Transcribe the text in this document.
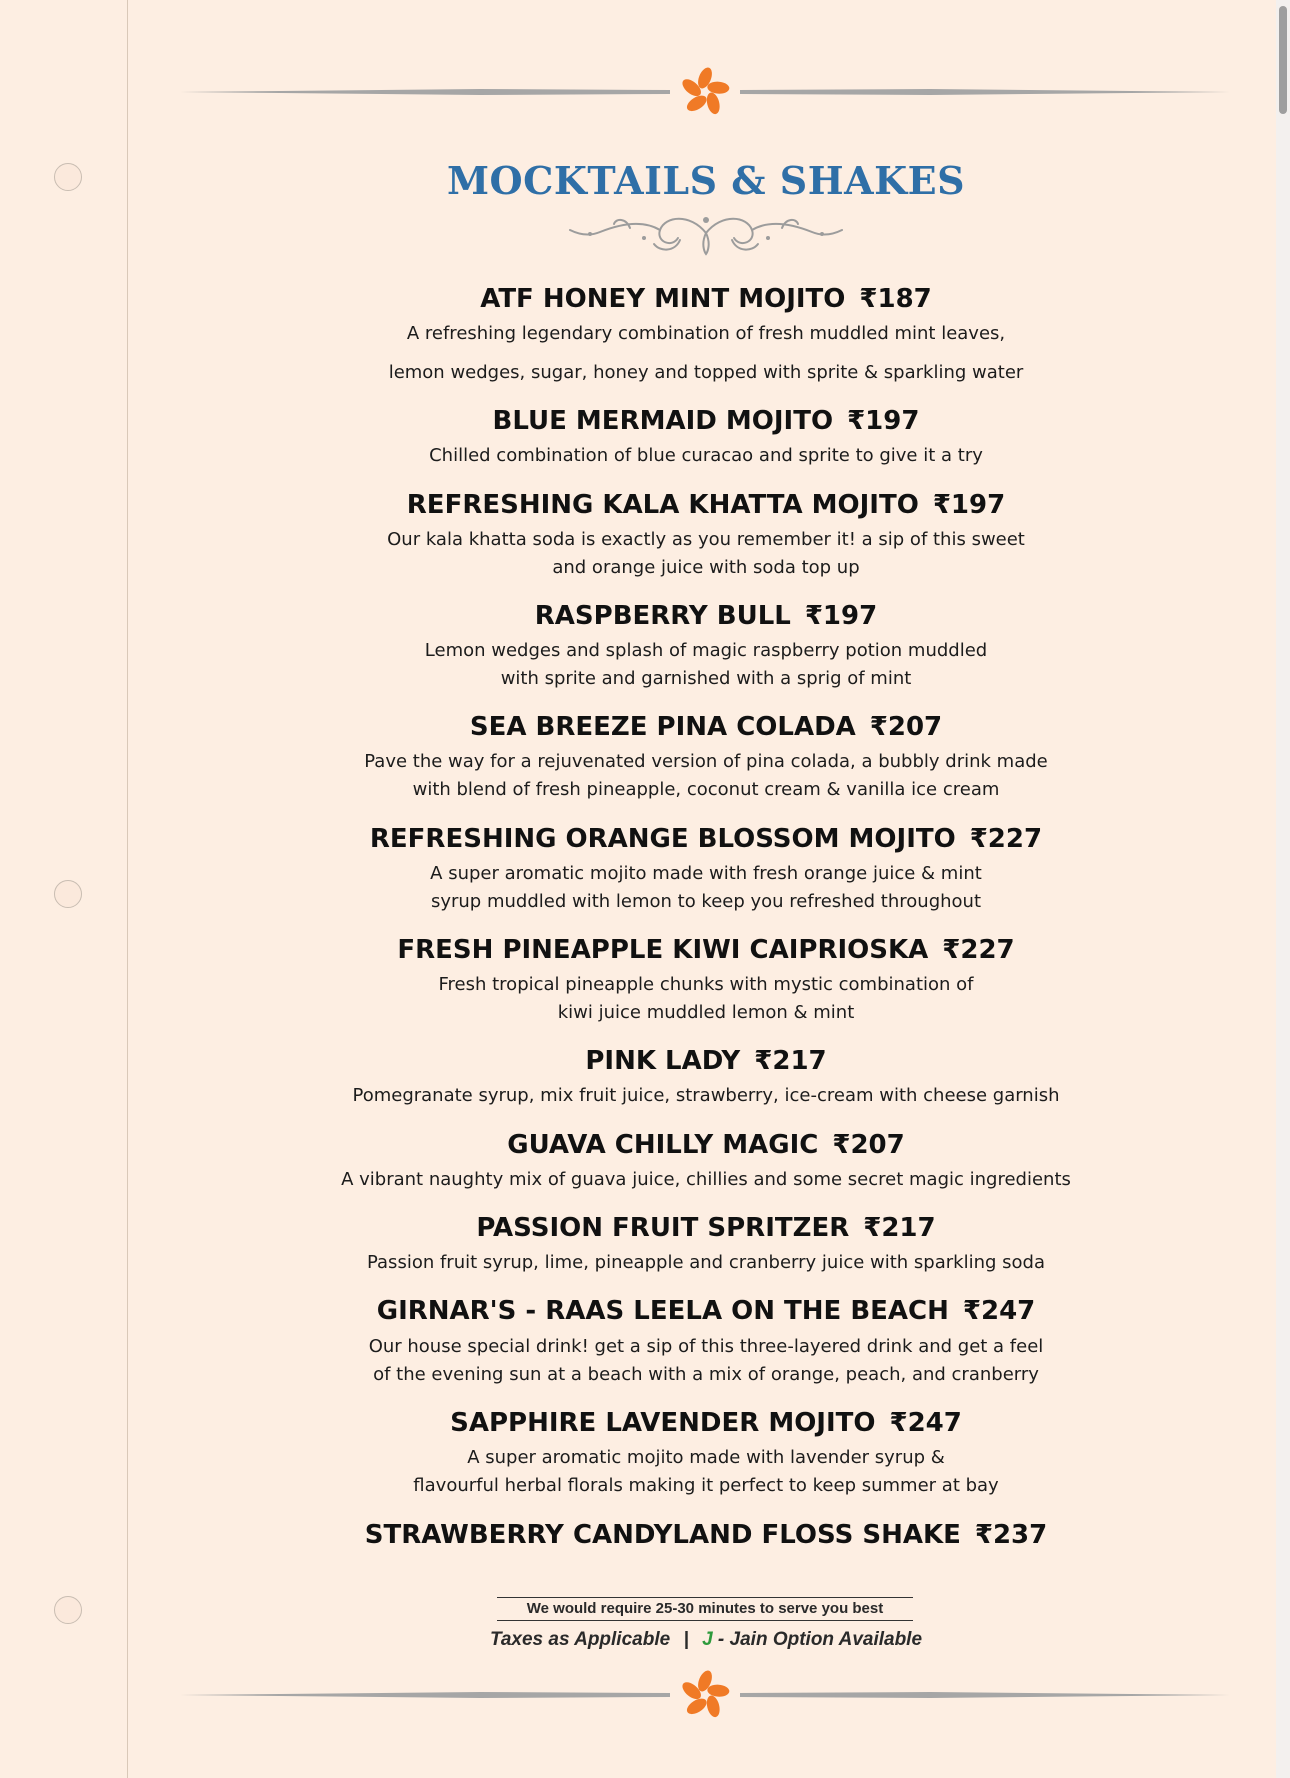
MOCKTAILS & SHAKES
ATF HONEY MINT MOJITO ₹187
A refreshing legendary combination of fresh muddled mint leaves,
lemon wedges, sugar, honey and topped with sprite & sparkling water
BLUE MERMAID MOJITO ₹197
Chilled combination of blue curacao and sprite to give it a try
REFRESHING KALA KHATTA MOJITO ₹197
Our kala khatta soda is exactly as you remember it! a sip of this sweet
and orange juice with soda top up
RASPBERRY BULL ₹197
Lemon wedges and splash of magic raspberry potion muddled
with sprite and garnished with a sprig of mint
SEA BREEZE PINA COLADA ₹207
Pave the way for a rejuvenated version of pina colada, a bubbly drink made
with blend of fresh pineapple, coconut cream & vanilla ice cream
REFRESHING ORANGE BLOSSOM MOJITO ₹227
A super aromatic mojito made with fresh orange juice & mint
syrup muddled with lemon to keep you refreshed throughout
FRESH PINEAPPLE KIWI CAIPRIOSKA ₹227
Fresh tropical pineapple chunks with mystic combination of
kiwi juice muddled lemon & mint
PINK LADY ₹217
Pomegranate syrup, mix fruit juice, strawberry, ice-cream with cheese garnish
GUAVA CHILLY MAGIC ₹207
A vibrant naughty mix of guava juice, chillies and some secret magic ingredients
PASSION FRUIT SPRITZER ₹217
Passion fruit syrup, lime, pineapple and cranberry juice with sparkling soda
GIRNAR'S - RAAS LEELA ON THE BEACH ₹247
Our house special drink! get a sip of this three-layered drink and get a feel
of the evening sun at a beach with a mix of orange, peach, and cranberry
SAPPHIRE LAVENDER MOJITO ₹247
A super aromatic mojito made with lavender syrup &
flavourful herbal florals making it perfect to keep summer at bay
STRAWBERRY CANDYLAND FLOSS SHAKE ₹237
We would require 25-30 minutes to serve you best
Taxes as Applicable | J - Jain Option Available
